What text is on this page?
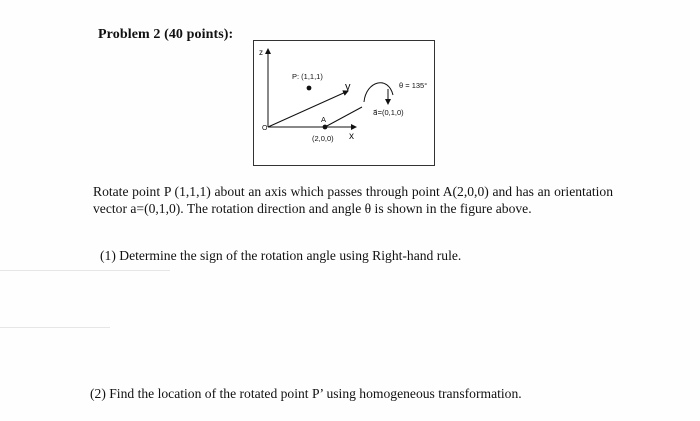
Problem 2 (40 points):
z
y
x
O
P: (1,1,1)
A
(2,0,0)
θ = 135°
a⃗=(0,1,0)
Rotate point P (1,1,1) about an axis which passes through point A(2,0,0) and has an orientation vector a=(0,1,0). The rotation direction and angle θ is shown in the figure above.
(1) Determine the sign of the rotation angle using Right-hand rule.
(2) Find the location of the rotated point P’ using homogeneous transformation.
